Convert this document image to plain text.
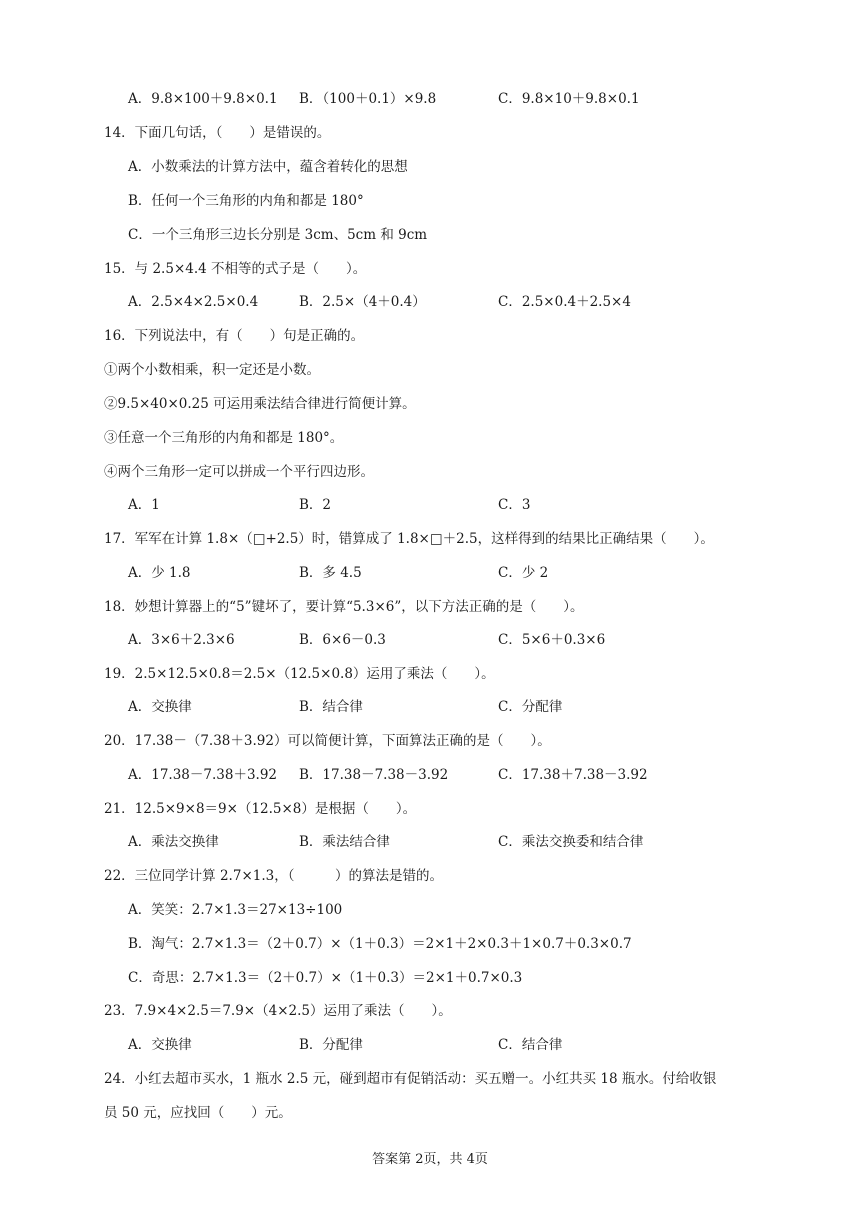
A．9.8×100＋9.8×0.1 B．（100＋0.1）×9.8	C．9.8×10＋9.8×0.1
14．下面几句话，（　　）是错误的。
A．小数乘法的计算方法中，蕴含着转化的思想
B．任何一个三角形的内角和都是 180°
C．一个三角形三边长分别是 3cm、5cm 和 9cm
15．与 2.5×4.4 不相等的式子是（　　）。
A．2.5×4×2.5×0.4	B．2.5×（4＋0.4）	C．2.5×0.4＋2.5×4
16．下列说法中，有（　　）句是正确的。
①两个小数相乘，积一定还是小数。
②9.5×40×0.25 可运用乘法结合律进行简便计算。
③任意一个三角形的内角和都是 180°。
④两个三角形一定可以拼成一个平行四边形。
A．1	B．2	C．3
17．军军在计算 1.8×（□+2.5）时，错算成了 1.8×□＋2.5，这样得到的结果比正确结果（　　）。
A．少 1.8	B．多 4.5	C．少 2
18．妙想计算器上的“5”键坏了，要计算“5.3×6”，以下方法正确的是（　　）。
A．3×6＋2.3×6	B．6×6－0.3	C．5×6＋0.3×6
19．2.5×12.5×0.8＝2.5×（12.5×0.8）运用了乘法（　　）。
A．交换律	B．结合律	C．分配律
20．17.38－（7.38＋3.92）可以简便计算，下面算法正确的是（　　）。
A．17.38－7.38＋3.92 B．17.38－7.38－3.92	C．17.38＋7.38－3.92
21．12.5×9×8＝9×（12.5×8）是根据（　　）。
A．乘法交换律	B．乘法结合律	C．乘法交换委和结合律
22．三位同学计算 2.7×1.3，（　　　）的算法是错的。
A．笑笑：2.7×1.3＝27×13÷100
B．淘气：2.7×1.3＝（2＋0.7）×（1＋0.3）＝2×1＋2×0.3＋1×0.7＋0.3×0.7
C．奇思：2.7×1.3＝（2＋0.7）×（1＋0.3）＝2×1＋0.7×0.3
23．7.9×4×2.5＝7.9×（4×2.5）运用了乘法（　　）。
A．交换律	B．分配律	C．结合律
24．小红去超市买水，1 瓶水 2.5 元，碰到超市有促销活动：买五赠一。小红共买 18 瓶水。付给收银
员 50 元，应找回（　　）元。
答案第 2页，共 4页
